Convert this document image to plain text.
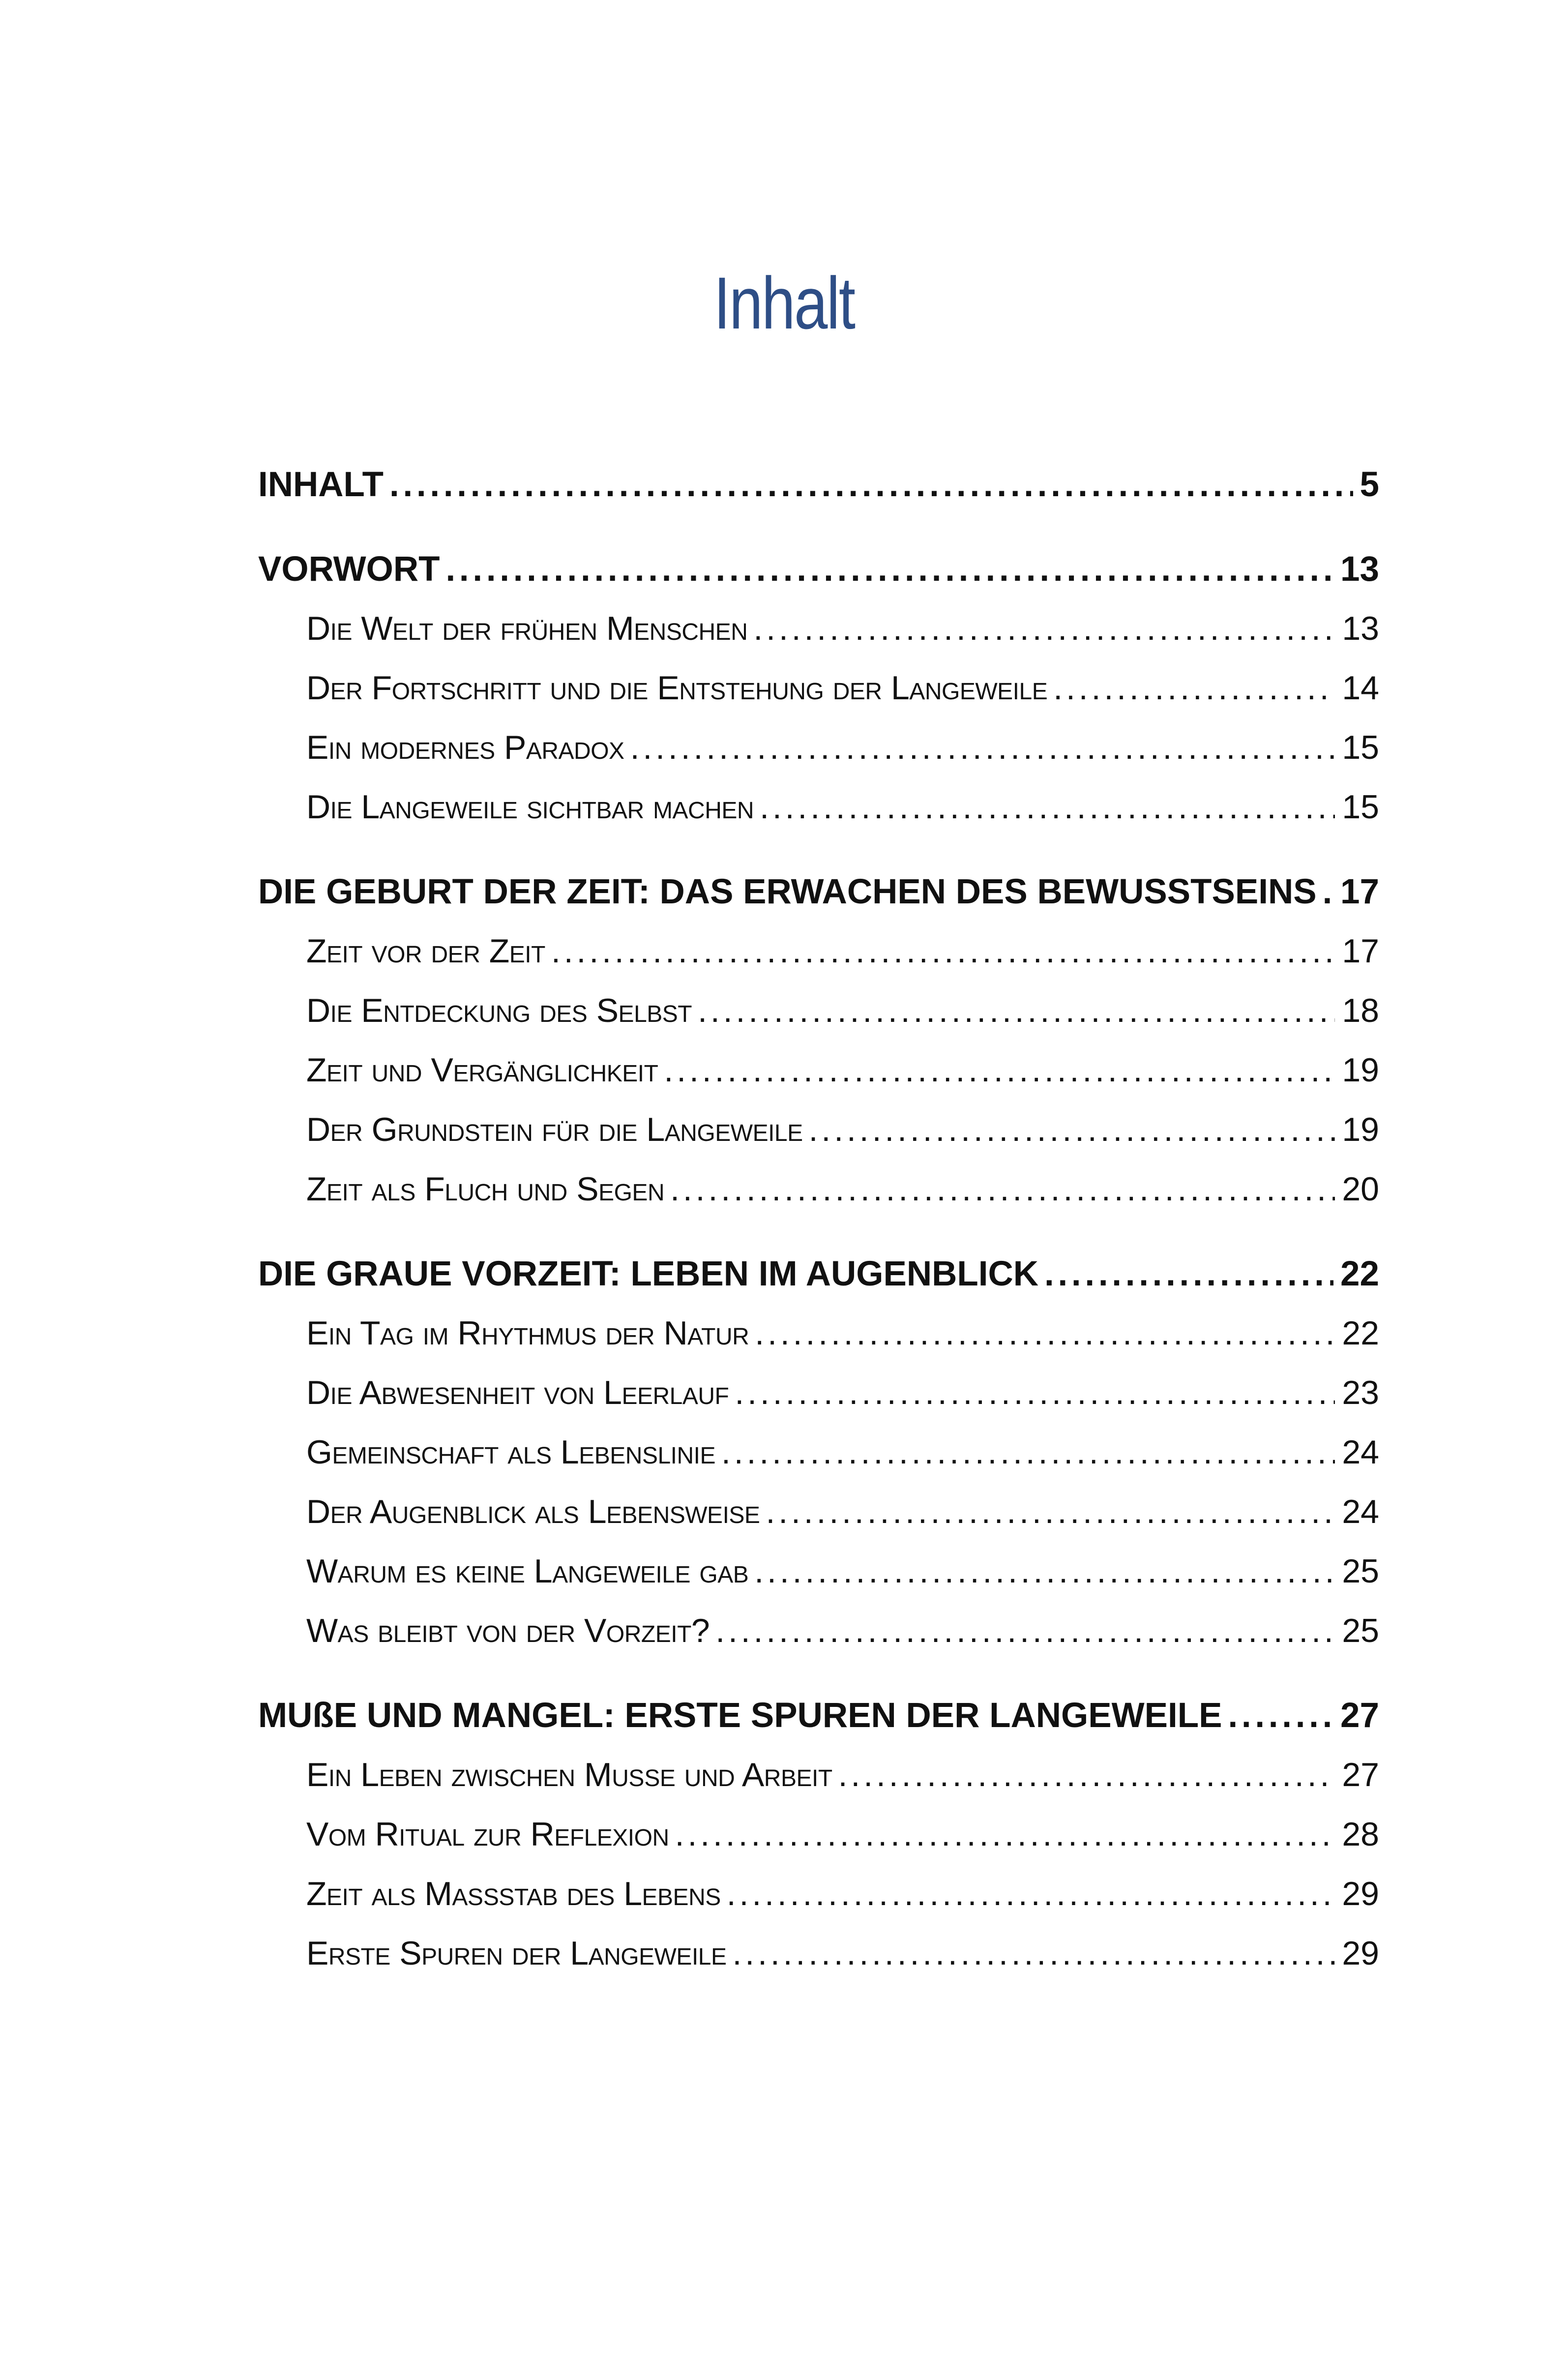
Inhalt
INHALT . . .	5
VORWORT . . .	13
Die Welt der frühen Menschen . . .	13
Der Fortschritt und die Entstehung der Langeweile . . .	14
Ein modernes Paradox . . .	15
Die Langeweile sichtbar machen . . .	15
DIE GEBURT DER ZEIT: DAS ERWACHEN DES BEWUSSTSEINS . . . 17
Zeit vor der Zeit . . .	17
Die Entdeckung des Selbst . . .	18
Zeit und Vergänglichkeit . . .	19
Der Grundstein für die Langeweile . . .	19
Zeit als Fluch und Segen . . .	20
DIE GRAUE VORZEIT: LEBEN IM AUGENBLICK . . .	22
Ein Tag im Rhythmus der Natur . . .	22
Die Abwesenheit von Leerlauf . . .	23
Gemeinschaft als Lebenslinie . . .	24
Der Augenblick als Lebensweise . . .	24
Warum es keine Langeweile gab . . .	25
Was bleibt von der Vorzeit? . . .	25
MUßE UND MANGEL: ERSTE SPUREN DER LANGEWEILE . . .	27
Ein Leben zwischen Muße und Arbeit . . .	27
Vom Ritual zur Reflexion . . .	28
Zeit als Maßstab des Lebens . . .	29
Erste Spuren der Langeweile . . .	29
